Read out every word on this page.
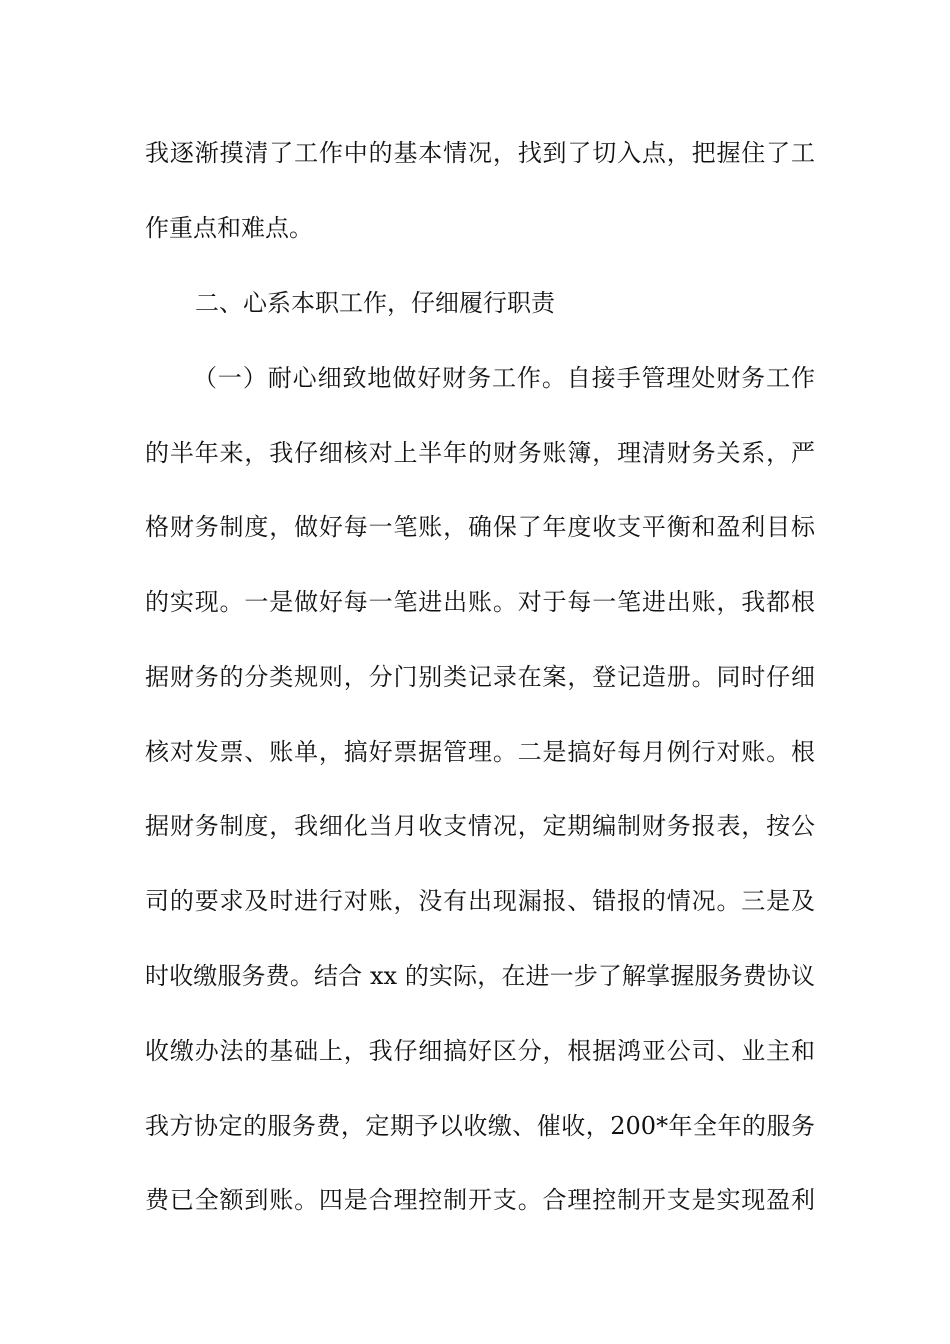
我逐渐摸清了工作中的基本情况，找到了切入点，把握住了工
作重点和难点。
二、心系本职工作，仔细履行职责
（一）耐心细致地做好财务工作。自接手管理处财务工作
的半年来，我仔细核对上半年的财务账簿，理清财务关系，严
格财务制度，做好每一笔账，确保了年度收支平衡和盈利目标
的实现。一是做好每一笔进出账。对于每一笔进出账，我都根
据财务的分类规则，分门别类记录在案，登记造册。同时仔细
核对发票、账单，搞好票据管理。二是搞好每月例行对账。根
据财务制度，我细化当月收支情况，定期编制财务报表，按公
司的要求及时进行对账，没有出现漏报、错报的情况。三是及
时收缴服务费。结合 xx 的实际，在进一步了解掌握服务费协议
收缴办法的基础上，我仔细搞好区分，根据鸿亚公司、业主和
我方协定的服务费，定期予以收缴、催收，200*年全年的服务
费已全额到账。四是合理控制开支。合理控制开支是实现盈利
